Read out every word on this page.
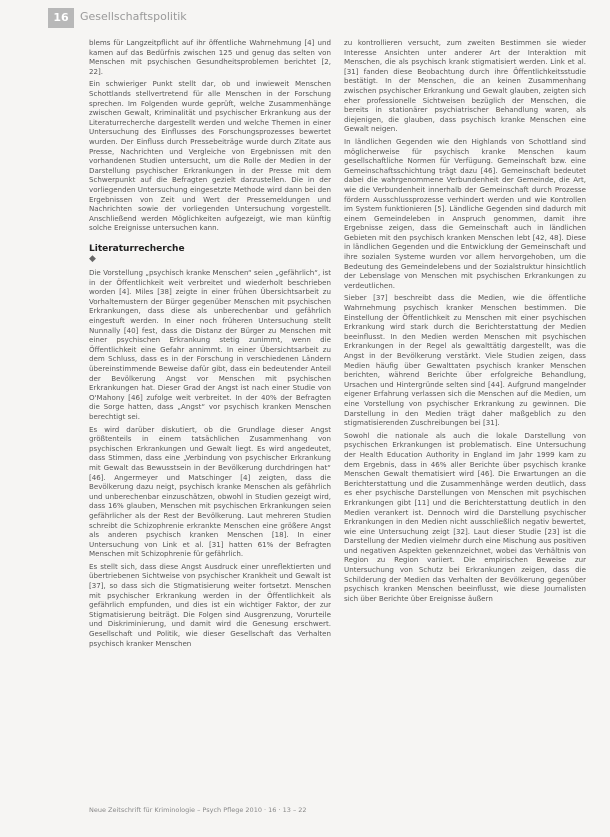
16	Gesellschaftspolitik

blems für Langzeitpflicht auf ihr öffentliche Wahrnehmung [4] und kamen auf das Bedürfnis zwischen 125 und genug das selten von Menschen mit psychischen Gesundheitsproblemen berichtet [2, 22].

Ein schwieriger Punkt stellt dar, ob und inwieweit Menschen Schottlands stellvertretend für alle Menschen in der Forschung sprechen. Im Folgenden wurde geprüft, welche Zusammenhänge zwischen Gewalt, Kriminalität und psychischer Erkrankung aus der Literaturrecherche dargestellt werden und welche Themen in einer Untersuchung des Einflusses des Forschungsprozesses bewertet wurden. Der Einfluss durch Pressebeiträge wurde durch Zitate aus Presse, Nachrichten und Vergleiche von Ergebnissen mit den vorhandenen Studien untersucht, um die Rolle der Medien in der Darstellung psychischer Erkrankungen in der Presse mit dem Schwerpunkt auf die Befragten gezielt darzustellen. Die in der vorliegenden Untersuchung eingesetzte Methode wird dann bei den Ergebnissen von Zeit und Wert der Pressemeldungen und Nachrichten sowie der vorliegenden Untersuchung vorgestellt. Anschließend werden Möglichkeiten aufgezeigt, wie man künftig solche Ereignisse untersuchen kann.

Literaturrecherche
◆

Die Vorstellung „psychisch kranke Menschen“ seien „gefährlich“, ist in der Öffentlichkeit weit verbreitet und wiederholt beschrieben worden [4]. Miles [38] zeigte in einer frühen Übersichtsarbeit zu Vorhaltemustern der Bürger gegenüber Menschen mit psychischen Erkrankungen, dass diese als unberechenbar und gefährlich eingestuft werden. In einer noch früheren Untersuchung stellt Nunnally [40] fest, dass die Distanz der Bürger zu Menschen mit einer psychischen Erkrankung stetig zunimmt, wenn die Öffentlichkeit eine Gefahr annimmt. In einer Übersichtsarbeit zu dem Schluss, dass es in der Forschung in verschiedenen Ländern übereinstimmende Beweise dafür gibt, dass ein bedeutender Anteil der Bevölkerung Angst vor Menschen mit psychischen Erkrankungen hat. Dieser Grad der Angst ist nach einer Studie von O'Mahony [46] zufolge weit verbreitet. In der 40% der Befragten die Sorge hatten, dass „Angst“ vor psychisch kranken Menschen berechtigt sei.

Es wird darüber diskutiert, ob die Grundlage dieser Angst größtenteils in einem tatsächlichen Zusammenhang von psychischen Erkrankungen und Gewalt liegt. Es wird angedeutet, dass Stimmen, dass eine „Verbindung von psychischer Erkrankung mit Gewalt das Bewusstsein in der Bevölkerung durchdringen hat“ [46]. Angermeyer und Matschinger [4] zeigten, dass die Bevölkerung dazu neigt, psychisch kranke Menschen als gefährlich und unberechenbar einzuschätzen, obwohl in Studien gezeigt wird, dass 16% glauben, Menschen mit psychischen Erkrankungen seien gefährlicher als der Rest der Bevölkerung. Laut mehreren Studien schreibt die Schizophrenie erkrankte Menschen eine größere Angst als anderen psychisch kranken Menschen [18]. In einer Untersuchung von Link et al. [31] hatten 61% der Befragten Menschen mit Schizophrenie für gefährlich.

Es stellt sich, dass diese Angst Ausdruck einer unreflektierten und übertriebenen Sichtweise von psychischer Krankheit und Gewalt ist [37], so dass sich die Stigmatisierung weiter fortsetzt. Menschen mit psychischer Erkrankung werden in der Öffentlichkeit als gefährlich empfunden, und dies ist ein wichtiger Faktor, der zur Stigmatisierung beiträgt. Die Folgen sind Ausgrenzung, Vorurteile und Diskriminierung, und damit wird die Genesung erschwert. Gesellschaft und Politik, wie dieser Gesellschaft das Verhalten psychisch kranker Menschen

zu kontrollieren versucht, zum zweiten Bestimmen sie wieder Interesse Ansichten unter anderer Art der Interaktion mit Menschen, die als psychisch krank stigmatisiert werden. Link et al. [31] fanden diese Beobachtung durch ihre Öffentlichkeitsstudie bestätigt. In der Menschen, die an keinen Zusammenhang zwischen psychischer Erkrankung und Gewalt glauben, zeigten sich eher professionelle Sichtweisen bezüglich der Menschen, die bereits in stationärer psychiatrischer Behandlung waren, als diejenigen, die glauben, dass psychisch kranke Menschen eine Gewalt neigen.

In ländlichen Gegenden wie den Highlands von Schottland sind möglicherweise für psychisch kranke Menschen kaum gesellschaftliche Normen für Verfügung. Gemeinschaft bzw. eine Gemeinschaftsschichtung trägt dazu [46]. Gemeinschaft bedeutet dabei die wahrgenommene Verbundenheit der Gemeinde, die Art, wie die Verbundenheit innerhalb der Gemeinschaft durch Prozesse fördern Ausschlussprozesse verhindert werden und wie Kontrollen im System funktionieren [5]. Ländliche Gegenden sind dadurch mit einem Gemeindeleben in Anspruch genommen, damit ihre Ergebnisse zeigen, dass die Gemeinschaft auch in ländlichen Gebieten mit den psychisch kranken Menschen lebt [42, 48]. Diese in ländlichen Gegenden und die Entwicklung der Gemeinschaft und ihre sozialen Systeme wurden vor allem hervorgehoben, um die Bedeutung des Gemeindelebens und der Sozialstruktur hinsichtlich der Lebenslage von Menschen mit psychischen Erkrankungen zu verdeutlichen.

Sieber [37] beschreibt dass die Medien, wie die öffentliche Wahrnehmung psychisch kranker Menschen bestimmen. Die Einstellung der Öffentlichkeit zu Menschen mit einer psychischen Erkrankung wird stark durch die Berichterstattung der Medien beeinflusst. In den Medien werden Menschen mit psychischen Erkrankungen in der Regel als gewalttätig dargestellt, was die Angst in der Bevölkerung verstärkt. Viele Studien zeigen, dass Medien häufig über Gewalttaten psychisch kranker Menschen berichten, während Berichte über erfolgreiche Behandlung, Ursachen und Hintergründe selten sind [44]. Aufgrund mangelnder eigener Erfahrung verlassen sich die Menschen auf die Medien, um eine Vorstellung von psychischer Erkrankung zu gewinnen. Die Darstellung in den Medien trägt daher maßgeblich zu den stigmatisierenden Zuschreibungen bei [31].

Sowohl die nationale als auch die lokale Darstellung von psychischen Erkrankungen ist problematisch. Eine Untersuchung der Health Education Authority in England im Jahr 1999 kam zu dem Ergebnis, dass in 46% aller Berichte über psychisch kranke Menschen Gewalt thematisiert wird [46]. Die Erwartungen an die Berichterstattung und die Zusammenhänge werden deutlich, dass es eher psychische Darstellungen von Menschen mit psychischen Erkrankungen gibt [11] und die Berichterstattung deutlich in den Medien verankert ist. Dennoch wird die Darstellung psychischer Erkrankungen in den Medien nicht ausschließlich negativ bewertet, wie eine Untersuchung zeigt [32]. Laut dieser Studie [23] ist die Darstellung der Medien vielmehr durch eine Mischung aus positiven und negativen Aspekten gekennzeichnet, wobei das Verhältnis von Region zu Region variiert. Die empirischen Beweise zur Untersuchung von Schutz bei Erkrankungen zeigen, dass die Schilderung der Medien das Verhalten der Bevölkerung gegenüber psychisch kranken Menschen beeinflusst, wie diese Journalisten sich über Berichte über Ereignisse äußern

Neue Zeitschrift für Kriminologie – Psych Pflege 2010 · 16 · 13 – 22
